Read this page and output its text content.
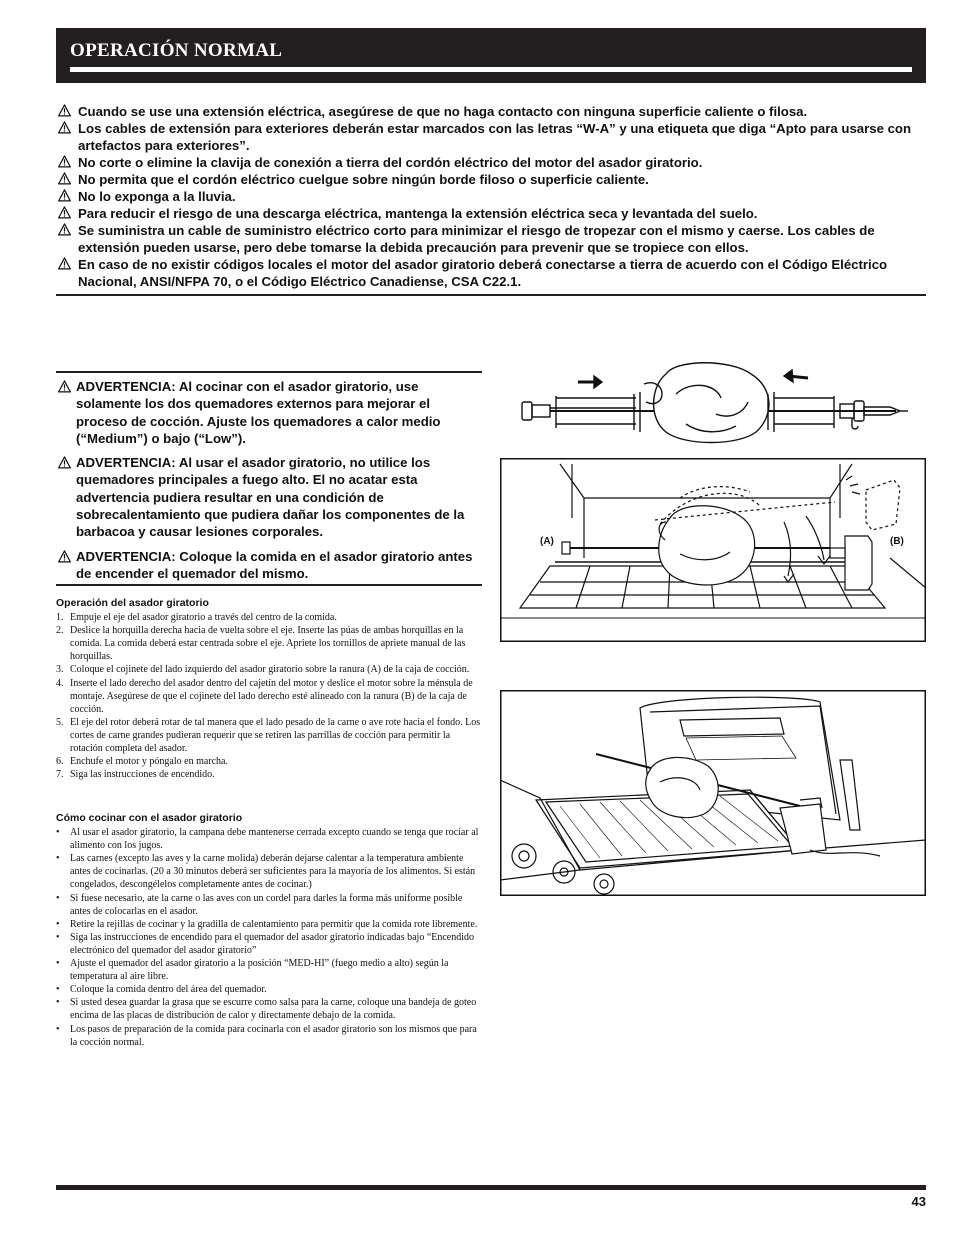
OPERACIÓN NORMAL
Cuando se use una extensión eléctrica, asegúrese de que no haga contacto con ninguna superficie caliente o filosa.
Los cables de extensión para exteriores deberán estar marcados con las letras “W-A” y una etiqueta que diga “Apto para usarse con artefactos para exteriores”.
No corte o elimine la clavija de conexión a tierra del cordón eléctrico del motor del asador giratorio.
No permita que el cordón eléctrico cuelgue sobre ningún borde filoso o superficie caliente.
No lo exponga a la lluvia.
Para reducir el riesgo de una descarga eléctrica, mantenga la extensión eléctrica seca y levantada del suelo.
Se suministra un cable de suministro eléctrico corto para minimizar el riesgo de tropezar con el mismo y caerse. Los cables de extensión pueden usarse, pero debe tomarse la debida precaución para prevenir que se tropiece con ellos.
En caso de no existir códigos locales el motor del asador giratorio deberá conectarse a tierra de acuerdo con el Código Eléctrico Nacional, ANSI/NFPA 70, o el Código Eléctrico Canadiense, CSA C22.1.
ADVERTENCIA: Al cocinar con el asador giratorio, use solamente los dos quemadores externos para mejorar el proceso de cocción. Ajuste los quemadores a calor medio (“Medium”) o bajo (“Low”).
ADVERTENCIA: Al usar el asador giratorio, no utilice los quemadores principales a fuego alto. El no acatar esta advertencia pudiera resultar en una condición de sobrecalentamiento que pudiera dañar los componentes de la barbacoa y causar lesiones corporales.
ADVERTENCIA: Coloque la comida en el asador giratorio antes de encender el quemador del mismo.
Operación del asador giratorio
1. Empuje el eje del asador giratorio a través del centro de la comida.
2. Deslice la horquilla derecha hacia de vuelta sobre el eje. Inserte las púas de ambas horquillas en la comida. La comida deberá estar centrada sobre el eje. Apriete los tornillos de apriete manual de las horquillas.
3. Coloque el cojinete del lado izquierdo del asador giratorio sobre la ranura (A) de la caja de cocción.
4. Inserte el lado derecho del asador dentro del cajetín del motor y deslice el motor sobre la ménsula de montaje. Asegúrese de que el cojinete del lado derecho esté alineado con la ranura (B) de la caja de cocción.
5. El eje del rotor deberá rotar de tal manera que el lado pesado de la carne o ave rote hacia el fondo. Los cortes de carne grandes pudieran requerir que se retiren las parrillas de cocción para permitir la rotación completa del asador.
6. Enchufe el motor y póngalo en marcha.
7. Siga las instrucciones de encendido.
Cómo cocinar con el asador giratorio
• Al usar el asador giratorio, la campana debe mantenerse cerrada excepto cuando se tenga que rociar al alimento con los jugos.
• Las carnes (excepto las aves y la carne molida) deberán dejarse calentar a la temperatura ambiente antes de cocinarlas. (20 a 30 minutos deberá ser suficientes para la mayoría de los alimentos. Si están congelados, descongélelos completamente antes de cocinar.)
• Si fuese necesario, ate la carne o las aves con un cordel para darles la forma más uniforme posible antes de colocarlas en el asador.
• Retire la rejillas de cocinar y la gradilla de calentamiento para permitir que la comida rote libremente.
• Siga las instrucciones de encendido para el quemador del asador giratorio indicadas bajo “Encendido electrónico del quemador del asador giratorio”
• Ajuste el quemador del asador giratorio a la posición “MED-HI” (fuego medio a alto) según la temperatura al aire libre.
• Coloque la comida dentro del área del quemador.
• Si usted desea guardar la grasa que se escurre como salsa para la carne, coloque una bandeja de goteo encima de las placas de distribución de calor y directamente debajo de la comida.
• Los pasos de preparación de la comida para cocinarla con el asador giratorio son los mismos que para la cocción normal.
(A)	(B)
43
